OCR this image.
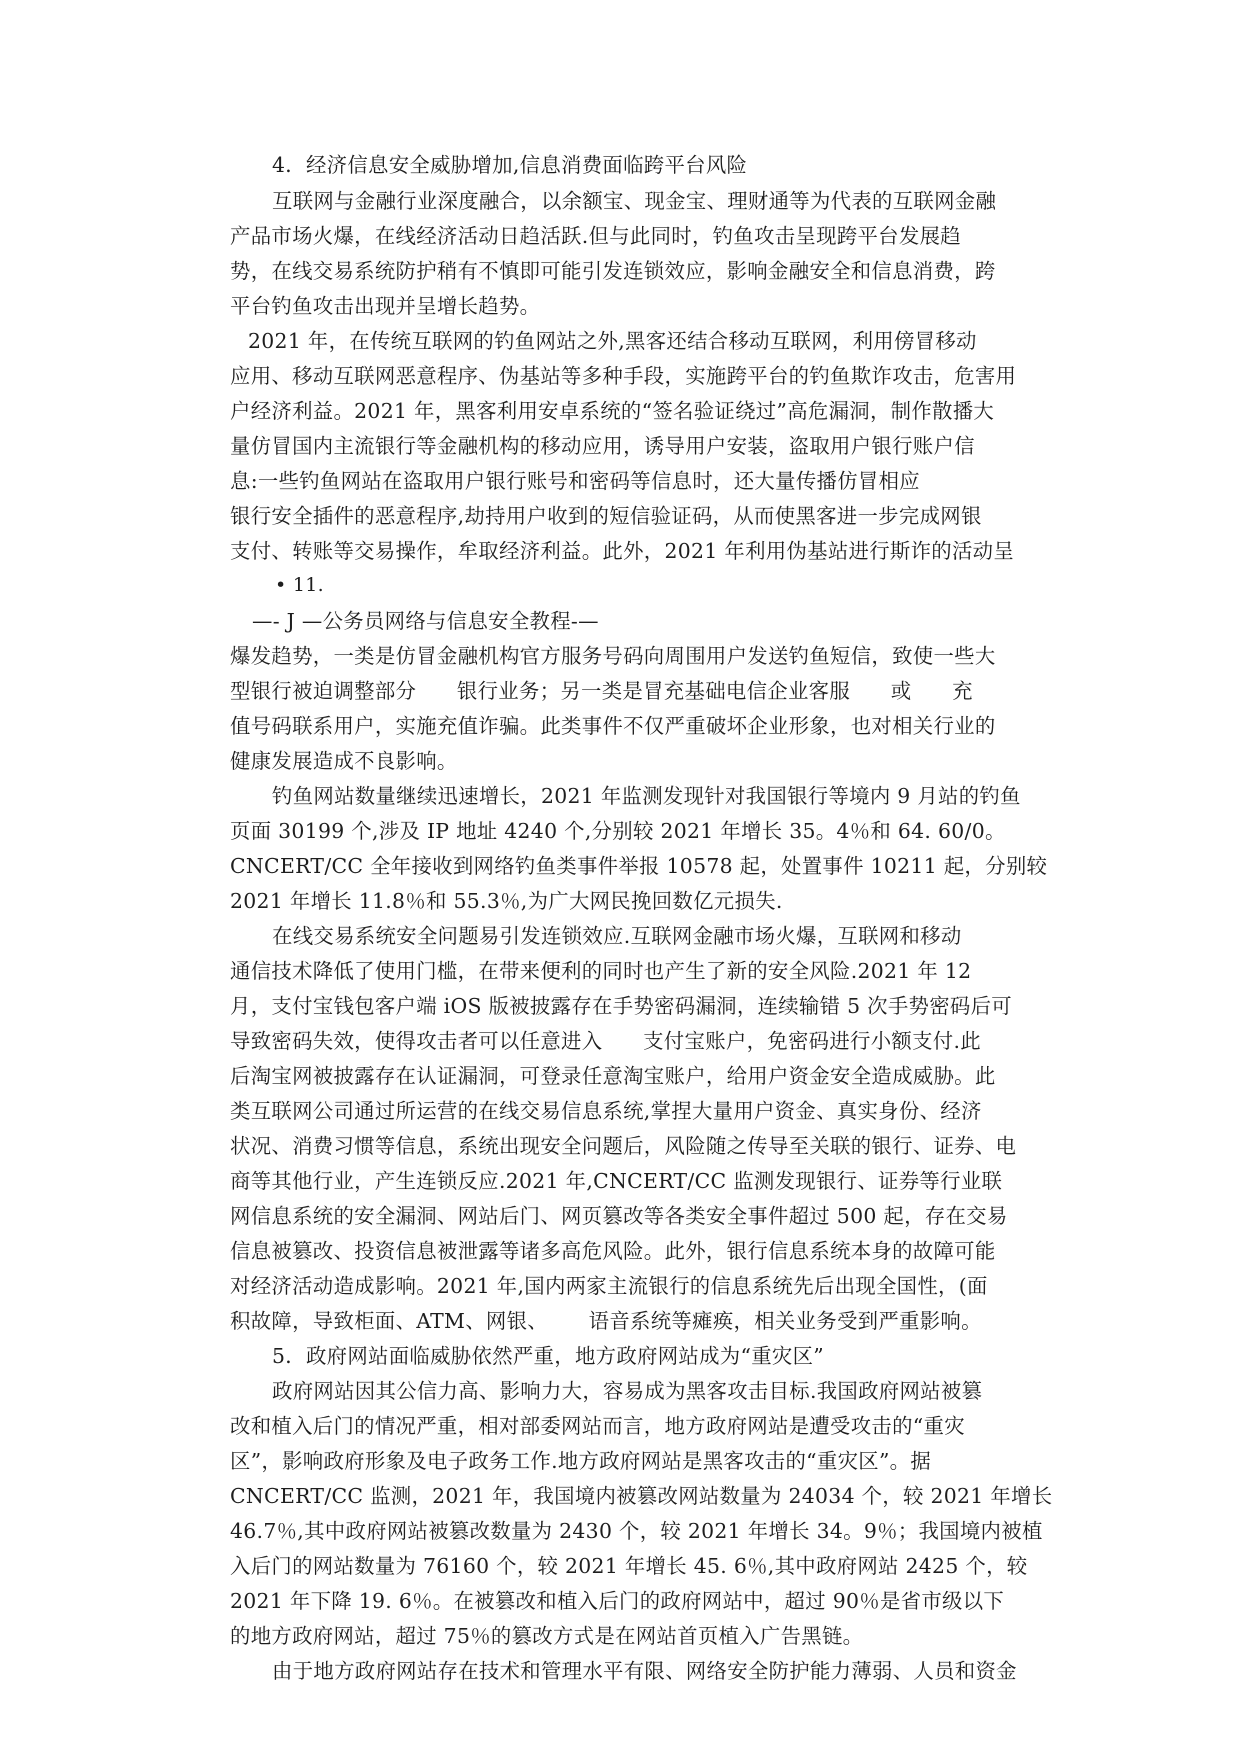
4．经济信息安全威胁增加,信息消费面临跨平台风险
互联网与金融行业深度融合，以余额宝、现金宝、理财通等为代表的互联网金融
产品市场火爆，在线经济活动日趋活跃.但与此同时，钓鱼攻击呈现跨平台发展趋
势，在线交易系统防护稍有不慎即可能引发连锁效应，影响金融安全和信息消费，跨
平台钓鱼攻击出现并呈增长趋势。
2021 年，在传统互联网的钓鱼网站之外,黑客还结合移动互联网，利用傍冒移动
应用、移动互联网恶意程序、伪基站等多种手段，实施跨平台的钓鱼欺诈攻击，危害用
户经济利益。2021 年，黑客利用安卓系统的“签名验证绕过”高危漏洞，制作散播大
量仿冒国内主流银行等金融机构的移动应用，诱导用户安装，盗取用户银行账户信
息:一些钓鱼网站在盗取用户银行账号和密码等信息时，还大量传播仿冒相应
银行安全插件的恶意程序,劫持用户收到的短信验证码，从而使黑客进一步完成网银
支付、转账等交易操作，牟取经济利益。此外，2021 年利用伪基站进行斯诈的活动呈
• 11.
—- J —公务员网络与信息安全教程-—
爆发趋势，一类是仿冒金融机构官方服务号码向周围用户发送钓鱼短信，致使一些大
型银行被迫调整部分      银行业务；另一类是冒充基础电信企业客服      或      充
值号码联系用户，实施充值诈骗。此类事件不仅严重破坏企业形象，也对相关行业的
健康发展造成不良影响。
钓鱼网站数量继续迅速增长，2021 年监测发现针对我国银行等境内 9 月站的钓鱼
页面 30199 个,涉及 IP 地址 4240 个,分别较 2021 年增长 35。4％和 64. 60/0。
CNCERT/CC 全年接收到网络钓鱼类事件举报 10578 起，处置事件 10211 起，分别较
2021 年增长 11.8％和 55.3％,为广大网民挽回数亿元损失.
在线交易系统安全问题易引发连锁效应.互联网金融市场火爆，互联网和移动
通信技术降低了使用门槛，在带来便利的同时也产生了新的安全风险.2021 年 12
月，支付宝钱包客户端 iOS 版被披露存在手势密码漏洞，连续输错 5 次手势密码后可
导致密码失效，使得攻击者可以任意进入      支付宝账户，免密码进行小额支付.此
后淘宝网被披露存在认证漏洞，可登录任意淘宝账户，给用户资金安全造成威胁。此
类互联网公司通过所运营的在线交易信息系统,掌捏大量用户资金、真实身份、经济
状况、消费习惯等信息，系统出现安全问题后，风险随之传导至关联的银行、证券、电
商等其他行业，产生连锁反应.2021 年,CNCERT/CC 监测发现银行、证券等行业联
网信息系统的安全漏洞、网站后门、网页篡改等各类安全事件超过 500 起，存在交易
信息被篡改、投资信息被泄露等诸多高危风险。此外，银行信息系统本身的故障可能
对经济活动造成影响。2021 年,国内两家主流银行的信息系统先后出现全国性，(面
积故障，导致柜面、ATM、网银、      语音系统等瘫痪，相关业务受到严重影响。
5．政府网站面临威胁依然严重，地方政府网站成为“重灾区”
政府网站因其公信力高、影响力大，容易成为黑客攻击目标.我国政府网站被篡
改和植入后门的情况严重，相对部委网站而言，地方政府网站是遭受攻击的“重灾
区”，影响政府形象及电子政务工作.地方政府网站是黑客攻击的“重灾区”。据
CNCERT/CC 监测，2021 年，我国境内被篡改网站数量为 24034 个，较 2021 年增长
46.7％,其中政府网站被篡改数量为 2430 个，较 2021 年增长 34。9％；我国境内被植
入后门的网站数量为 76160 个，较 2021 年增长 45. 6％,其中政府网站 2425 个，较
2021 年下降 19. 6％。在被篡改和植入后门的政府网站中，超过 90％是省市级以下
的地方政府网站，超过 75％的篡改方式是在网站首页植入广告黑链。
由于地方政府网站存在技术和管理水平有限、网络安全防护能力薄弱、人员和资金
